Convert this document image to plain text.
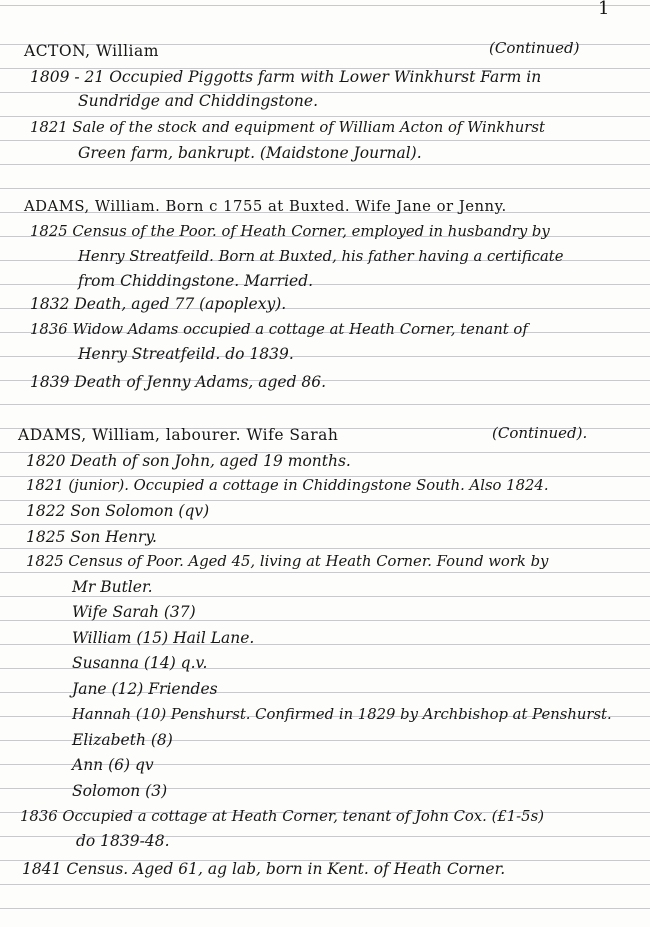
1
ACTON, William	(Continued)
1809 - 21 Occupied Piggotts farm with Lower Winkhurst Farm in
Sundridge and Chiddingstone.
1821 Sale of the stock and equipment of William Acton of Winkhurst
Green farm, bankrupt. (Maidstone Journal).
ADAMS, William. Born c 1755 at Buxted. Wife Jane or Jenny.
1825 Census of the Poor. of Heath Corner, employed in husbandry by
Henry Streatfeild. Born at Buxted, his father having a certificate
from Chiddingstone. Married.
1832 Death, aged 77 (apoplexy).
1836 Widow Adams occupied a cottage at Heath Corner, tenant of
Henry Streatfeild. do 1839.
1839 Death of Jenny Adams, aged 86.
ADAMS, William, labourer. Wife Sarah	(Continued).
1820 Death of son John, aged 19 months.
1821 (junior). Occupied a cottage in Chiddingstone South. Also 1824.
1822 Son Solomon (qv)
1825 Son Henry.
1825 Census of Poor. Aged 45, living at Heath Corner. Found work by
Mr Butler.
Wife Sarah (37)
William (15) Hail Lane.
Susanna (14) q.v.
Jane (12) Friendes
Hannah (10) Penshurst. Confirmed in 1829 by Archbishop at Penshurst.
Elizabeth (8)
Ann (6) qv
Solomon (3)
1836 Occupied a cottage at Heath Corner, tenant of John Cox. (£1-5s)
do 1839-48.
1841 Census. Aged 61, ag lab, born in Kent. of Heath Corner.
